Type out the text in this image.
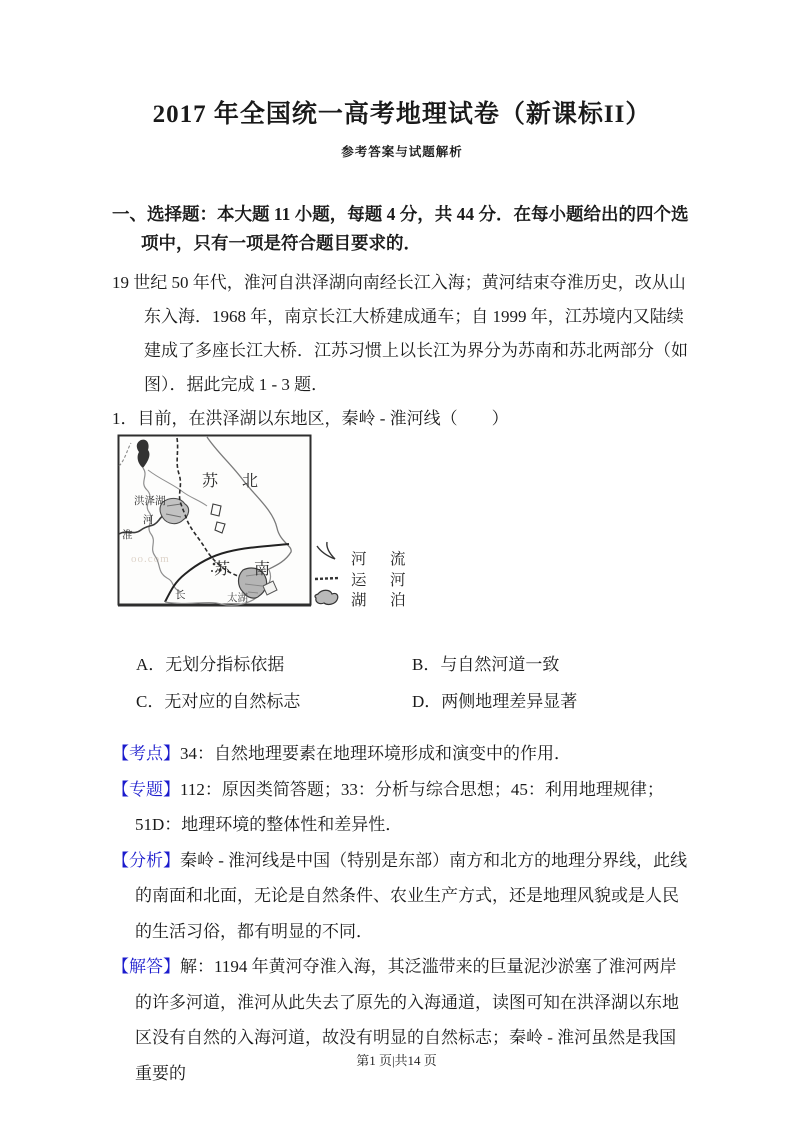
2017 年全国统一高考地理试卷（新课标II）
参考答案与试题解析
一、选择题：本大题 11 小题，每题 4 分，共 44 分．在每小题给出的四个选项中，只有一项是符合题目要求的．
19 世纪 50 年代，淮河自洪泽湖向南经长江入海；黄河结束夺淮历史，改从山东入海．1968 年，南京长江大桥建成通车；自 1999 年，江苏境内又陆续建成了多座长江大桥．江苏习惯上以长江为界分为苏南和苏北两部分（如图）．据此完成 1 - 3 题．
1．目前，在洪泽湖以东地区，秦岭 - 淮河线（　　）
oo.com
苏　北
苏　南
洪泽湖
河
淮
长	太湖
河　流
运　河
湖　泊
A．无划分指标依据	B．与自然河道一致
C．无对应的自然标志	D．两侧地理差异显著

【考点】34：自然地理要素在地理环境形成和演变中的作用．

【专题】112：原因类简答题；33：分析与综合思想；45：利用地理规律；51D：地理环境的整体性和差异性．

【分析】秦岭 - 淮河线是中国（特别是东部）南方和北方的地理分界线，此线的南面和北面，无论是自然条件、农业生产方式，还是地理风貌或是人民的生活习俗，都有明显的不同．

【解答】解：1194 年黄河夺淮入海，其泛滥带来的巨量泥沙淤塞了淮河两岸的许多河道，淮河从此失去了原先的入海通道，读图可知在洪泽湖以东地区没有自然的入海河道，故没有明显的自然标志；秦岭 - 淮河虽然是我国重要的

第1 页|共14 页
